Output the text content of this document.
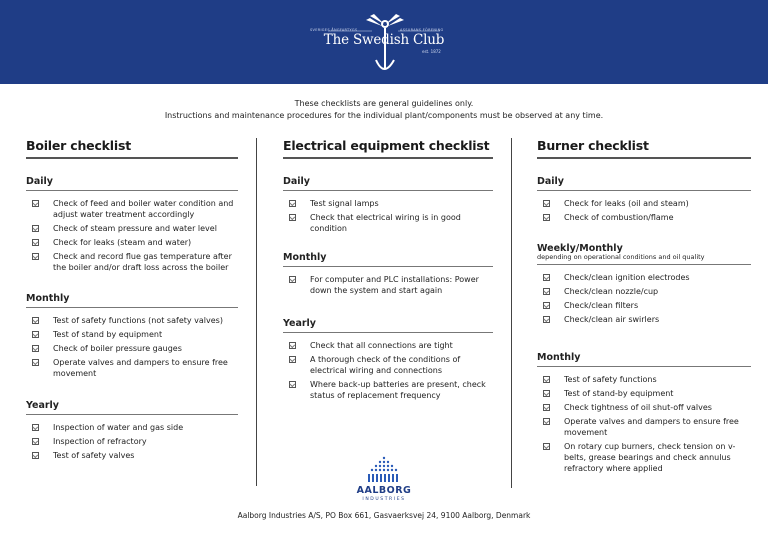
SVERIGES ÅNGFARTYGS	ASSURANS FÖRENING
The Swedish Club
est. 1872
These checklists are general guidelines only.
Instructions and maintenance procedures for the individual plant/components must be observed at any time.
Boiler checklist
Daily
Check of feed and boiler water condition and adjust water treatment accordingly
Check of steam pressure and water level
Check for leaks (steam and water)
Check and record flue gas temperature after the boiler and/or draft loss across the boiler
Monthly
Test of safety functions (not safety valves)
Test of stand by equipment
Check of boiler pressure gauges
Operate valves and dampers to ensure free movement
Yearly
Inspection of water and gas side
Inspection of refractory
Test of safety valves
Electrical equipment checklist
Daily
Test signal lamps
Check that electrical wiring is in good condition
Monthly
For computer and PLC installations: Power down the system and start again
Yearly
Check that all connections are tight
A thorough check of the conditions of electrical wiring and connections
Where back-up batteries are present, check status of replacement frequency
Burner checklist
Daily
Check for leaks (oil and steam)
Check of combustion/flame
Weekly/Monthly
depending on operational conditions and oil quality
Check/clean ignition electrodes
Check/clean nozzle/cup
Check/clean filters
Check/clean air swirlers
Monthly
Test of safety functions
Test of stand-by equipment
Check tightness of oil shut-off valves
Operate valves and dampers to ensure free movement
On rotary cup burners, check tension on v-belts, grease bearings and check annulus refractory where applied
AALBORG
INDUSTRIES
Aalborg Industries A/S, PO Box 661, Gasvaerksvej 24, 9100 Aalborg, Denmark
